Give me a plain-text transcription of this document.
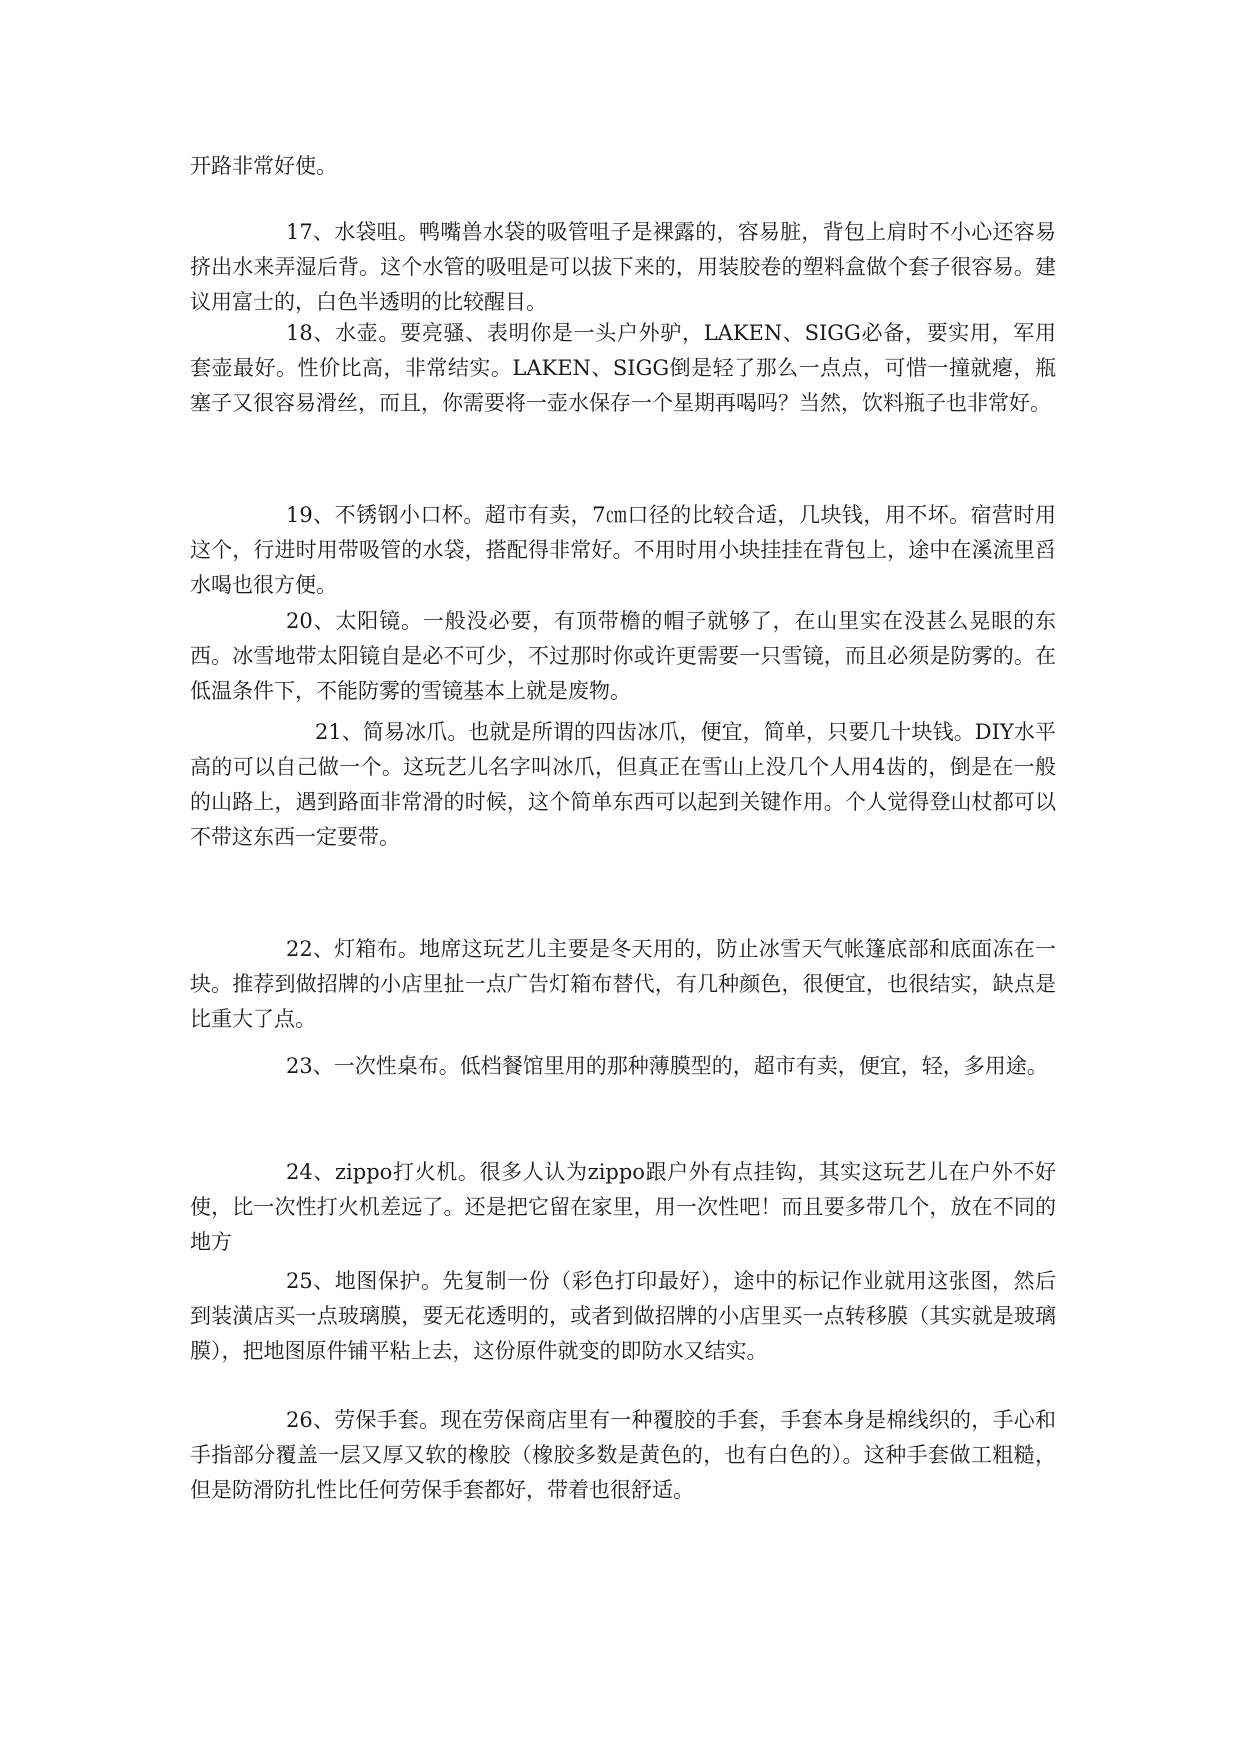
开路非常好使。

17、水袋咀。鸭嘴兽水袋的吸管咀子是裸露的，容易脏，背包上肩时不小心还容易挤出水来弄湿后背。这个水管的吸咀是可以拔下来的，用装胶卷的塑料盒做个套子很容易。建议用富士的，白色半透明的比较醒目。

18、水壶。要亮骚、表明你是一头户外驴，LAKEN、SIGG必备，要实用，军用套壶最好。性价比高，非常结实。LAKEN、SIGG倒是轻了那么一点点，可惜一撞就瘪，瓶塞子又很容易滑丝，而且，你需要将一壶水保存一个星期再喝吗？当然，饮料瓶子也非常好。

19、不锈钢小口杯。超市有卖，7㎝口径的比较合适，几块钱，用不坏。宿营时用这个，行进时用带吸管的水袋，搭配得非常好。不用时用小块挂挂在背包上，途中在溪流里舀水喝也很方便。

20、太阳镜。一般没必要，有顶带檐的帽子就够了，在山里实在没甚么晃眼的东西。冰雪地带太阳镜自是必不可少，不过那时你或许更需要一只雪镜，而且必须是防雾的。在低温条件下，不能防雾的雪镜基本上就是废物。

21、简易冰爪。也就是所谓的四齿冰爪，便宜，简单，只要几十块钱。DIY水平高的可以自己做一个。这玩艺儿名字叫冰爪，但真正在雪山上没几个人用4齿的，倒是在一般的山路上，遇到路面非常滑的时候，这个简单东西可以起到关键作用。个人觉得登山杖都可以不带这东西一定要带。

22、灯箱布。地席这玩艺儿主要是冬天用的，防止冰雪天气帐篷底部和底面冻在一块。推荐到做招牌的小店里扯一点广告灯箱布替代，有几种颜色，很便宜，也很结实，缺点是比重大了点。

23、一次性桌布。低档餐馆里用的那种薄膜型的，超市有卖，便宜，轻，多用途。

24、zippo打火机。很多人认为zippo跟户外有点挂钩，其实这玩艺儿在户外不好使，比一次性打火机差远了。还是把它留在家里，用一次性吧！而且要多带几个，放在不同的地方

25、地图保护。先复制一份（彩色打印最好），途中的标记作业就用这张图，然后到装潢店买一点玻璃膜，要无花透明的，或者到做招牌的小店里买一点转移膜（其实就是玻璃膜），把地图原件铺平粘上去，这份原件就变的即防水又结实。

26、劳保手套。现在劳保商店里有一种覆胶的手套，手套本身是棉线织的，手心和手指部分覆盖一层又厚又软的橡胶（橡胶多数是黄色的，也有白色的）。这种手套做工粗糙，但是防滑防扎性比任何劳保手套都好，带着也很舒适。
